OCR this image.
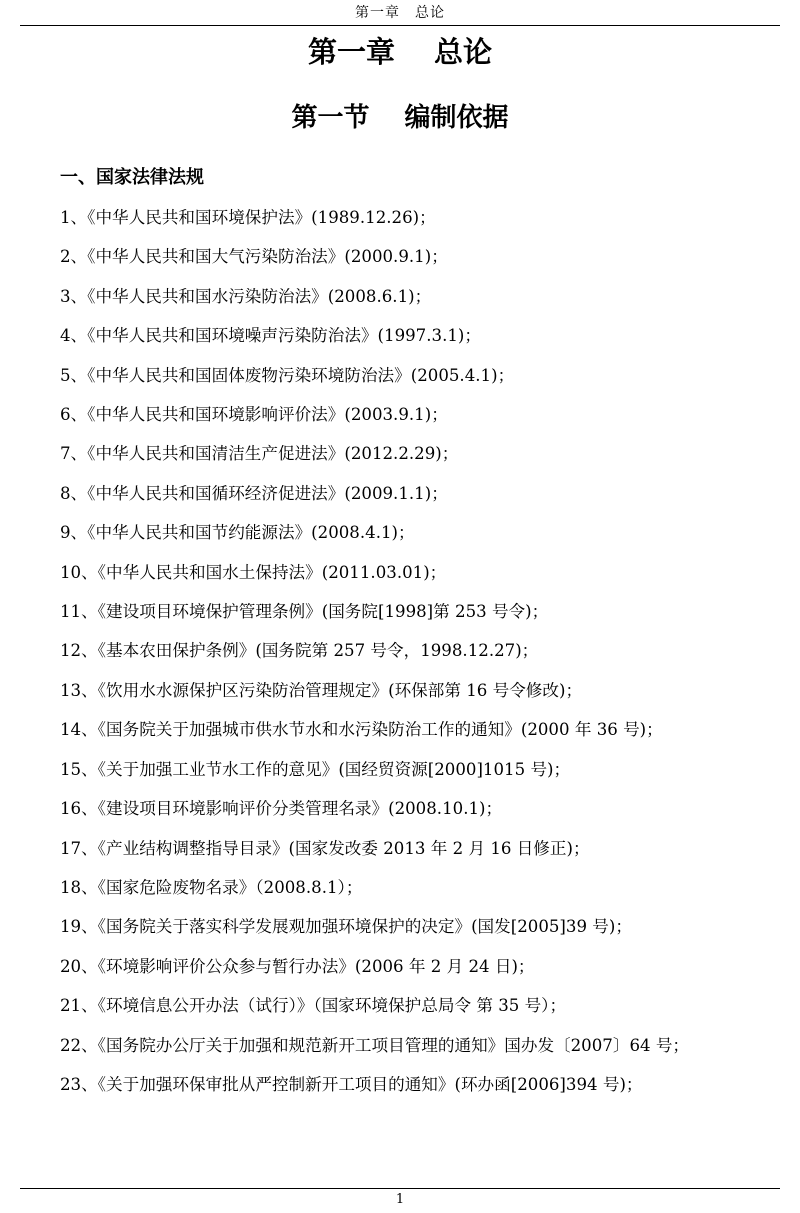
第一章　总论
第一章　 总论
第一节　 编制依据
一、国家法律法规
1、《中华人民共和国环境保护法》(1989.12.26)；
2、《中华人民共和国大气污染防治法》(2000.9.1)；
3、《中华人民共和国水污染防治法》(2008.6.1)；
4、《中华人民共和国环境噪声污染防治法》(1997.3.1)；
5、《中华人民共和国固体废物污染环境防治法》(2005.4.1)；
6、《中华人民共和国环境影响评价法》(2003.9.1)；
7、《中华人民共和国清洁生产促进法》(2012.2.29)；
8、《中华人民共和国循环经济促进法》(2009.1.1)；
9、《中华人民共和国节约能源法》(2008.4.1)；
10、《中华人民共和国水土保持法》(2011.03.01)；
11、《建设项目环境保护管理条例》(国务院[1998]第 253 号令)；
12、《基本农田保护条例》(国务院第 257 号令，1998.12.27)；
13、《饮用水水源保护区污染防治管理规定》(环保部第 16 号令修改)；
14、《国务院关于加强城市供水节水和水污染防治工作的通知》(2000 年 36 号)；
15、《关于加强工业节水工作的意见》(国经贸资源[2000]1015 号)；
16、《建设项目环境影响评价分类管理名录》(2008.10.1)；
17、《产业结构调整指导目录》(国家发改委 2013 年 2 月 16 日修正)；
18、《国家危险废物名录》（2008.8.1）；
19、《国务院关于落实科学发展观加强环境保护的决定》(国发[2005]39 号)；
20、《环境影响评价公众参与暂行办法》(2006 年 2 月 24 日)；
21、《环境信息公开办法（试行）》（国家环境保护总局令 第 35 号）；
22、《国务院办公厅关于加强和规范新开工项目管理的通知》国办发〔2007〕64 号；
23、《关于加强环保审批从严控制新开工项目的通知》(环办函[2006]394 号)；
1
